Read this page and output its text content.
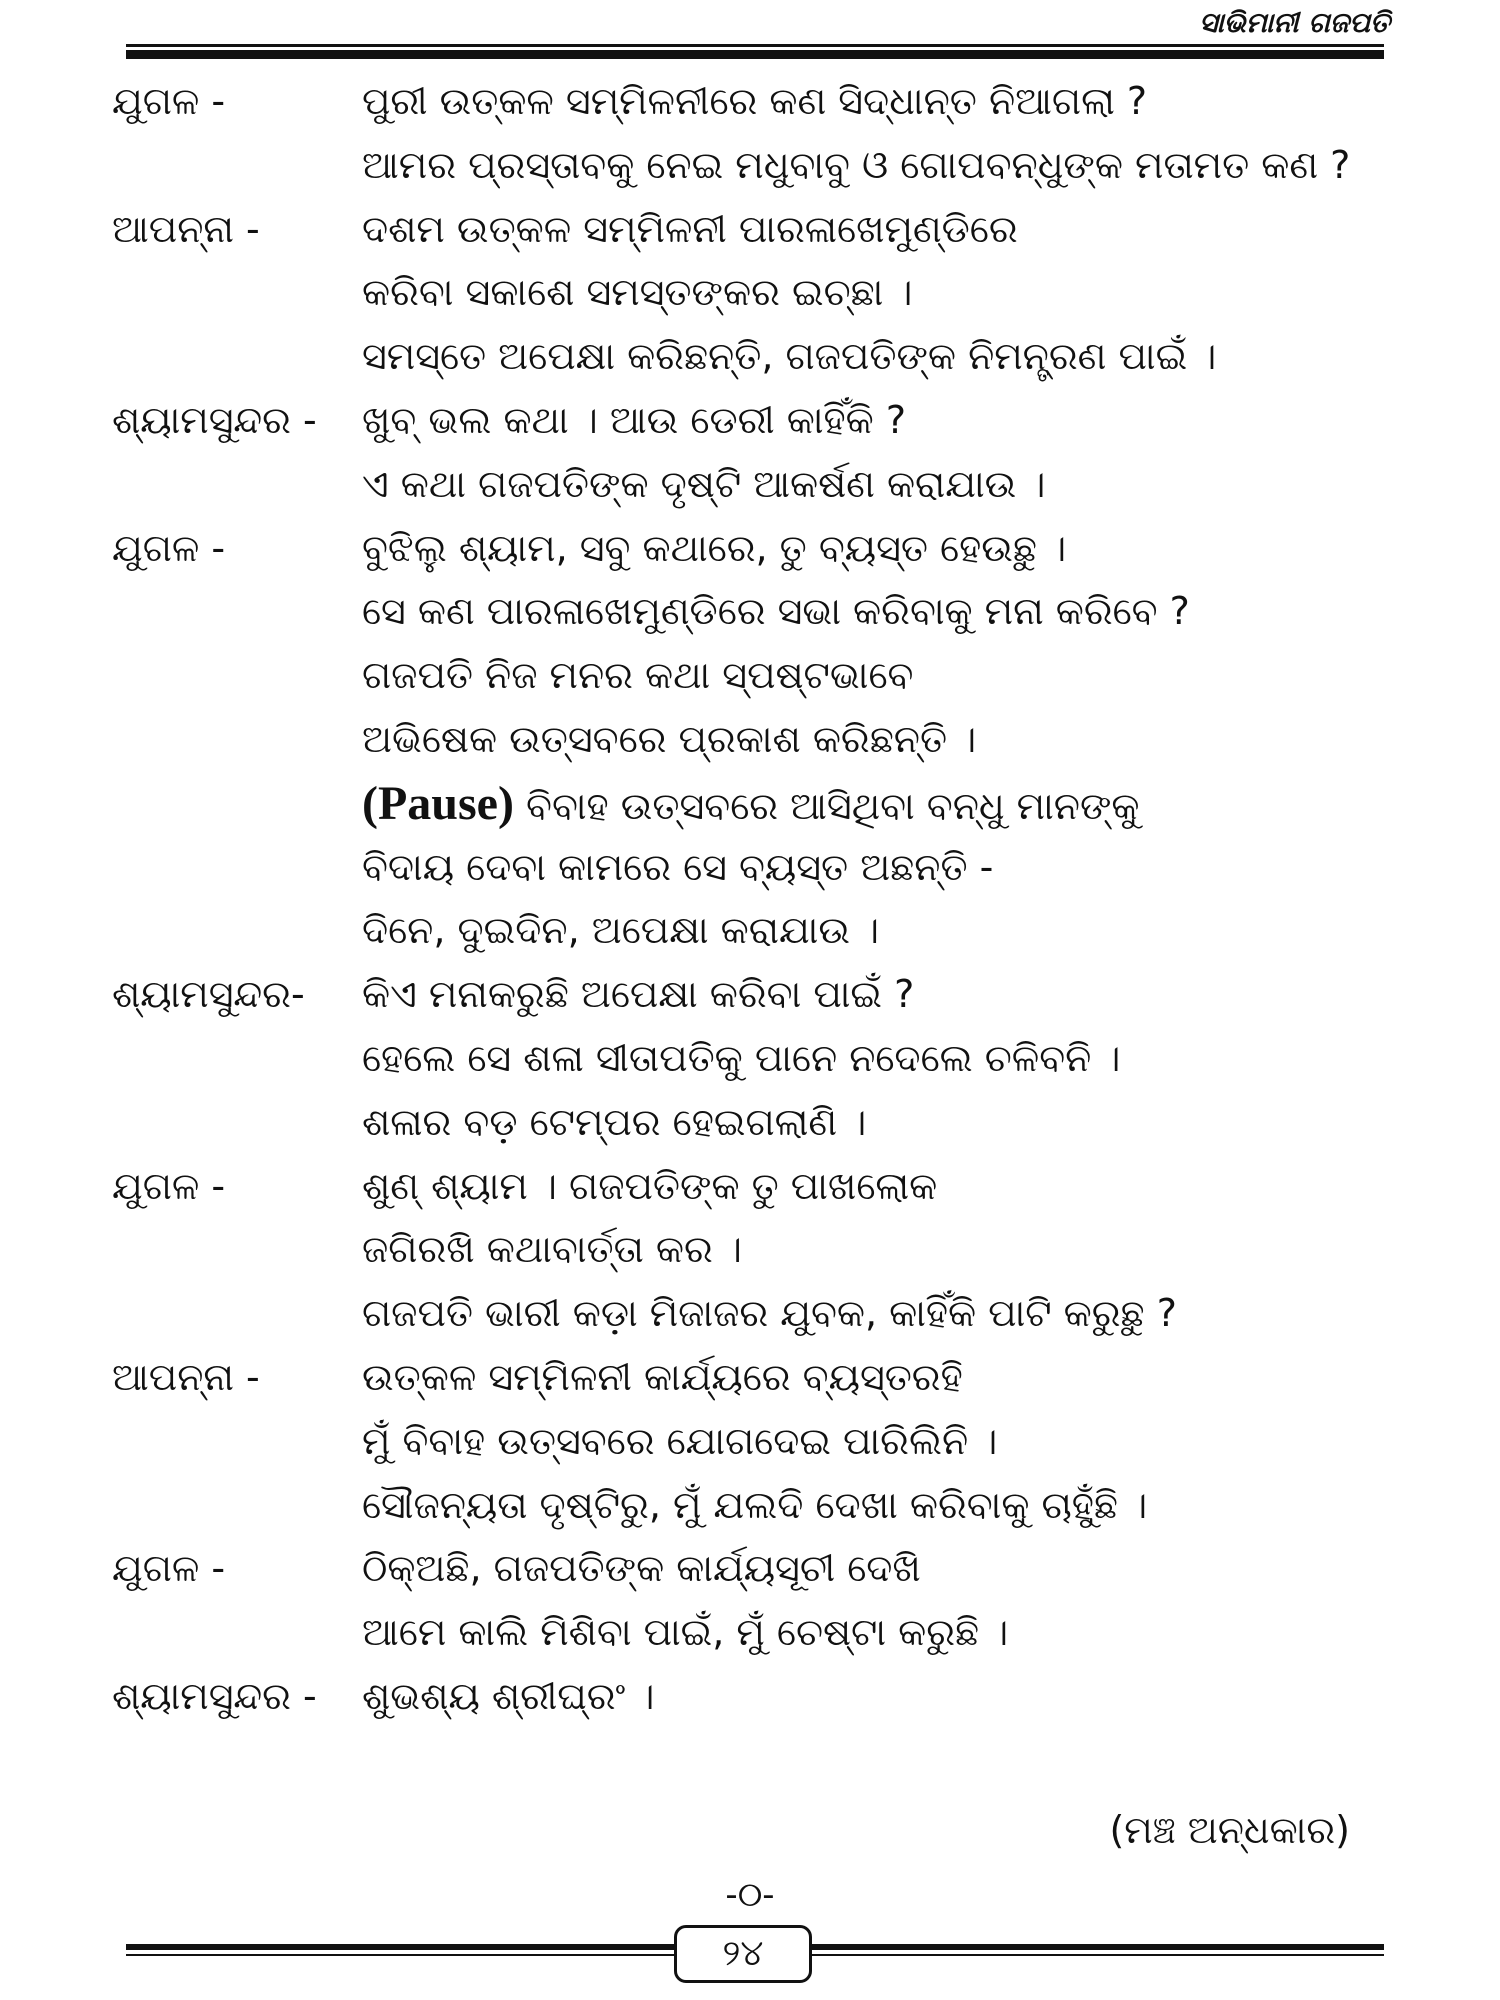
ସାଭିମାନୀ ଗଜପତି
ଯୁଗଳ -	ପୁରୀ ଉତ୍କଳ ସମ୍ମିଳନୀରେ କଣ ସିଦ୍ଧାନ୍ତ ନିଆଗଲା ?
ଆମର ପ୍ରସ୍ତାବକୁ ନେଇ ମଧୁବାବୁ ଓ ଗୋପବନ୍ଧୁଙ୍କ ମତାମତ କଣ ?
ଆପନ୍ନା -	ଦଶମ ଉତ୍କଳ ସମ୍ମିଳନୀ ପାରଳାଖେମୁଣ୍ଡିରେ
କରିବା ସକାଶେ ସମସ୍ତଙ୍କର ଇଚ୍ଛା ।
ସମସ୍ତେ ଅପେକ୍ଷା କରିଛନ୍ତି, ଗଜପତିଙ୍କ ନିମନ୍ତ୍ରଣ ପାଇଁ ।
ଶ୍ୟାମସୁନ୍ଦର - ଖୁବ୍ ଭଲ କଥା । ଆଉ ଡେରୀ କାହିଁକି ?
ଏ କଥା ଗଜପତିଙ୍କ ଦୃଷ୍ଟି ଆକର୍ଷଣ କରାଯାଉ ।
ଯୁଗଳ -	ବୁଝିଲୁ ଶ୍ୟାମ, ସବୁ କଥାରେ, ତୁ ବ୍ୟସ୍ତ ହେଉଛୁ ।
ସେ କଣ ପାରଳାଖେମୁଣ୍ଡିରେ ସଭା କରିବାକୁ ମନା କରିବେ ?
ଗଜପତି ନିଜ ମନର କଥା ସ୍ପଷ୍ଟଭାବେ
ଅଭିଷେକ ଉତ୍ସବରେ ପ୍ରକାଶ କରିଛନ୍ତି ।
(Pause) ବିବାହ ଉତ୍ସବରେ ଆସିଥିବା ବନ୍ଧୁ ମାନଙ୍କୁ
ବିଦାୟ ଦେବା କାମରେ ସେ ବ୍ୟସ୍ତ ଅଛନ୍ତି -
ଦିନେ, ଦୁଇଦିନ, ଅପେକ୍ଷା କରାଯାଉ ।
ଶ୍ୟାମସୁନ୍ଦର- କିଏ ମନାକରୁଛି ଅପେକ୍ଷା କରିବା ପାଇଁ ?
ହେଲେ ସେ ଶଳା ସୀତାପତିକୁ ପାନେ ନଦେଲେ ଚଳିବନି ।
ଶଳାର ବଡ଼ ଟେମ୍ପର ହେଇଗଲାଣି ।
ଯୁଗଳ -	ଶୁଣ୍ ଶ୍ୟାମ । ଗଜପତିଙ୍କ ତୁ ପାଖଲୋକ
ଜଗିରଖି କଥାବାର୍ତ୍ତା କର ।
ଗଜପତି ଭାରୀ କଡ଼ା ମିଜାଜର ଯୁବକ, କାହିଁକି ପାଟି କରୁଛୁ ?
ଆପନ୍ନା -	ଉତ୍କଳ ସମ୍ମିଳନୀ କାର୍ଯ୍ୟରେ ବ୍ୟସ୍ତରହି
ମୁଁ ବିବାହ ଉତ୍ସବରେ ଯୋଗଦେଇ ପାରିଲିନି ।
ସୌଜନ୍ୟତା ଦୃଷ୍ଟିରୁ, ମୁଁ ଯଲଦି ଦେଖା କରିବାକୁ ଚାହୁଁଛି ।
ଯୁଗଳ -	ଠିକ୍ଅଛି, ଗଜପତିଙ୍କ କାର୍ଯ୍ୟସୂଚୀ ଦେଖି
ଆମେ କାଲି ମିଶିବା ପାଇଁ, ମୁଁ ଚେଷ୍ଟା କରୁଛି ।
ଶ୍ୟାମସୁନ୍ଦର - ଶୁଭଶ୍ୟ ଶ୍ରୀଘ୍ରଂ ।
(ମଞ୍ଚ ଅନ୍ଧକାର)
-୦-
୨୪
